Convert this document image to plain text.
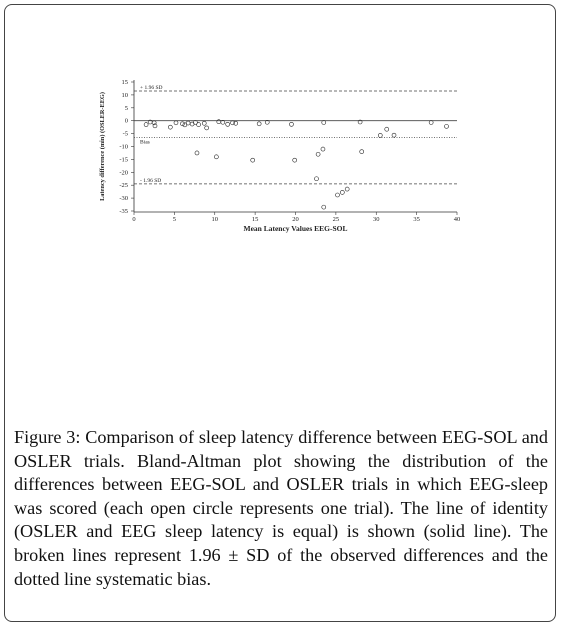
15
10
5
0
-5
-10
-15
-20
-25
-30
-35
0	5	10	15	20	25	30	35	40
+ 1.96 SD
Bias
- 1.96 SD
Mean Latency Values EEG-SOL
Latency difference (min) (OSLER-EEG)
Figure 3: Comparison of sleep latency difference between EEG-SOL and OSLER trials. Bland-Altman plot showing the distribution of the differences between EEG-SOL and OSLER trials in which EEG-sleep was scored (each open circle represents one trial). The line of identity (OSLER and EEG sleep latency is equal) is shown (solid line). The broken lines represent 1.96 ± SD of the observed differences and the dotted line systematic bias.
